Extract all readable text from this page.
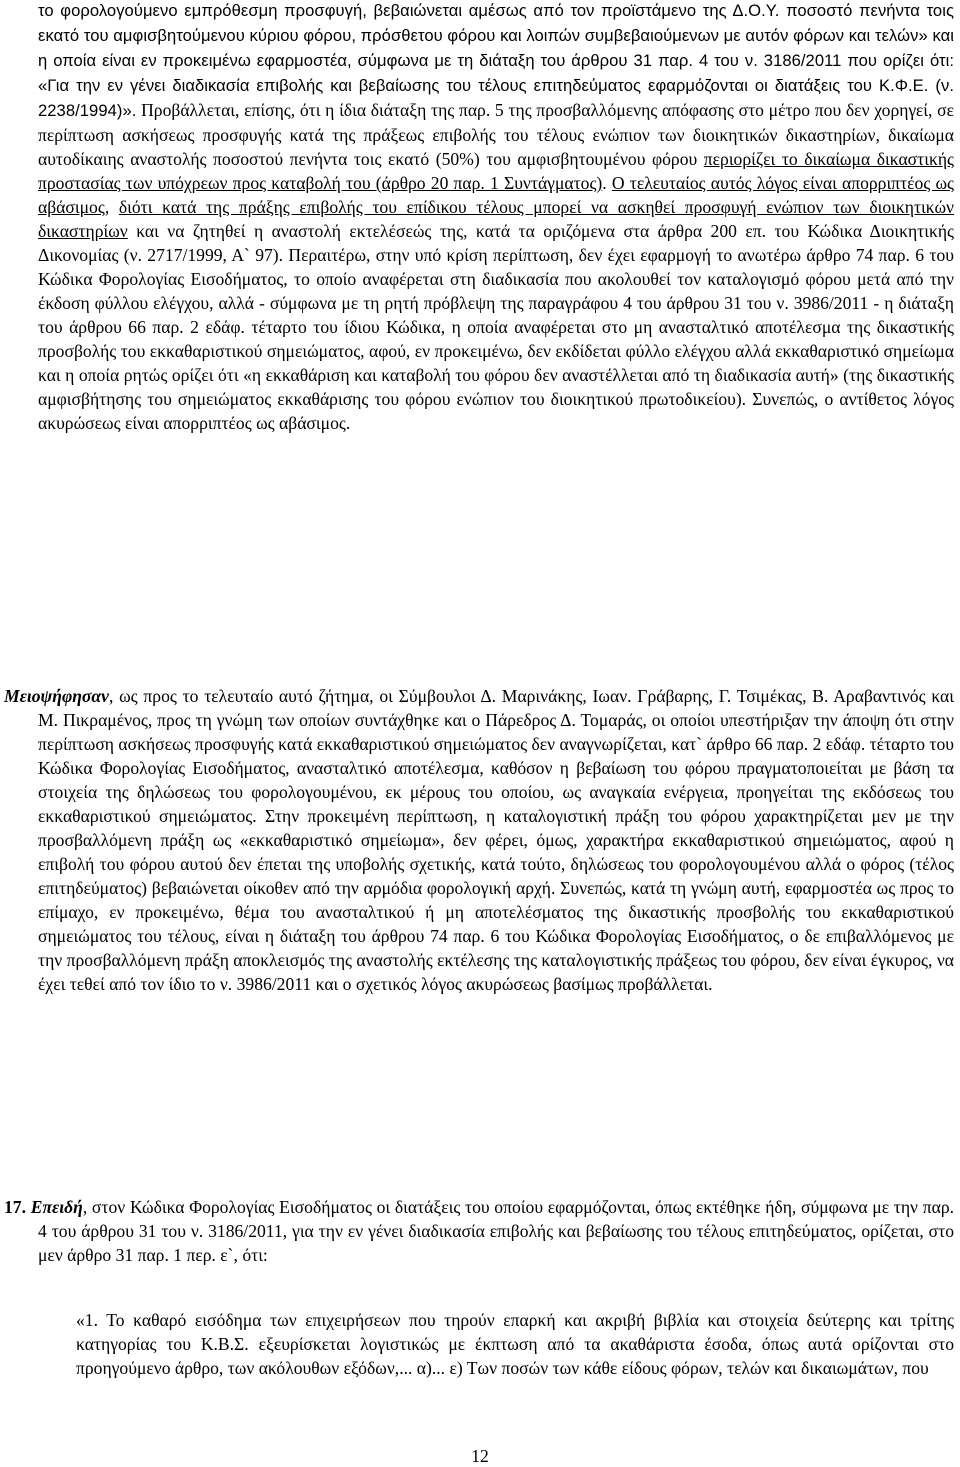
το φορολογούμενο εμπρόθεσμη προσφυγή, βεβαιώνεται αμέσως από τον προϊστάμενο της Δ.Ο.Υ. ποσοστό πενήντα τοις εκατό του αμφισβητούμενου κύριου φόρου, πρόσθετου φόρου και λοιπών συμβεβαιούμενων με αυτόν φόρων και τελών» και η οποία είναι εν προκειμένω εφαρμοστέα, σύμφωνα με τη διάταξη του άρθρου 31 παρ. 4 του ν. 3186/2011 που ορίζει ότι: «Για την εν γένει διαδικασία επιβολής και βεβαίωσης του τέλους επιτηδεύματος εφαρμόζονται οι διατάξεις του Κ.Φ.Ε. (ν. 2238/1994)». Προβάλλεται, επίσης, ότι η ίδια διάταξη της παρ. 5 της προσβαλλόμενης απόφασης στο μέτρο που δεν χορηγεί, σε περίπτωση ασκήσεως προσφυγής κατά της πράξεως επιβολής του τέλους ενώπιον των διοικητικών δικαστηρίων, δικαίωμα αυτοδίκαιης αναστολής ποσοστού πενήντα τοις εκατό (50%) του αμφισβητουμένου φόρου περιορίζει το δικαίωμα δικαστικής προστασίας των υπόχρεων προς καταβολή του (άρθρο 20 παρ. 1 Συντάγματος). Ο τελευταίος αυτός λόγος είναι απορριπτέος ως αβάσιμος, διότι κατά της πράξης επιβολής του επίδικου τέλους μπορεί να ασκηθεί προσφυγή ενώπιον των διοικητικών δικαστηρίων και να ζητηθεί η αναστολή εκτελέσεώς της, κατά τα οριζόμενα στα άρθρα 200 επ. του Κώδικα Διοικητικής Δικονομίας (ν. 2717/1999, Α` 97). Περαιτέρω, στην υπό κρίση περίπτωση, δεν έχει εφαρμογή το ανωτέρω άρθρο 74 παρ. 6 του Κώδικα Φορολογίας Εισοδήματος, το οποίο αναφέρεται στη διαδικασία που ακολουθεί τον καταλογισμό φόρου μετά από την έκδοση φύλλου ελέγχου, αλλά - σύμφωνα με τη ρητή πρόβλεψη της παραγράφου 4 του άρθρου 31 του ν. 3986/2011 - η διάταξη του άρθρου 66 παρ. 2 εδάφ. τέταρτο του ίδιου Κώδικα, η οποία αναφέρεται στο μη ανασταλτικό αποτέλεσμα της δικαστικής προσβολής του εκκαθαριστικού σημειώματος, αφού, εν προκειμένω, δεν εκδίδεται φύλλο ελέγχου αλλά εκκαθαριστικό σημείωμα και η οποία ρητώς ορίζει ότι «η εκκαθάριση και καταβολή του φόρου δεν αναστέλλεται από τη διαδικασία αυτή» (της δικαστικής αμφισβήτησης του σημειώματος εκκαθάρισης του φόρου ενώπιον του διοικητικού πρωτοδικείου). Συνεπώς, ο αντίθετος λόγος ακυρώσεως είναι απορριπτέος ως αβάσιμος.
Μειοψήφησαν, ως προς το τελευταίο αυτό ζήτημα, οι Σύμβουλοι Δ. Μαρινάκης, Ιωαν. Γράβαρης, Γ. Τσιμέκας, Β. Αραβαντινός και Μ. Πικραμένος, προς τη γνώμη των οποίων συντάχθηκε και ο Πάρεδρος Δ. Τομαράς, οι οποίοι υπεστήριξαν την άποψη ότι στην περίπτωση ασκήσεως προσφυγής κατά εκκαθαριστικού σημειώματος δεν αναγνωρίζεται, κατ` άρθρο 66 παρ. 2 εδάφ. τέταρτο του Κώδικα Φορολογίας Εισοδήματος, ανασταλτικό αποτέλεσμα, καθόσον η βεβαίωση του φόρου πραγματοποιείται με βάση τα στοιχεία της δηλώσεως του φορολογουμένου, εκ μέρους του οποίου, ως αναγκαία ενέργεια, προηγείται της εκδόσεως του εκκαθαριστικού σημειώματος. Στην προκειμένη περίπτωση, η καταλογιστική πράξη του φόρου χαρακτηρίζεται μεν με την προσβαλλόμενη πράξη ως «εκκαθαριστικό σημείωμα», δεν φέρει, όμως, χαρακτήρα εκκαθαριστικού σημειώματος, αφού η επιβολή του φόρου αυτού δεν έπεται της υποβολής σχετικής, κατά τούτο, δηλώσεως του φορολογουμένου αλλά ο φόρος (τέλος επιτηδεύματος) βεβαιώνεται οίκοθεν από την αρμόδια φορολογική αρχή. Συνεπώς, κατά τη γνώμη αυτή, εφαρμοστέα ως προς το επίμαχο, εν προκειμένω, θέμα του ανασταλτικού ή μη αποτελέσματος της δικαστικής προσβολής του εκκαθαριστικού σημειώματος του τέλους, είναι η διάταξη του άρθρου 74 παρ. 6 του Κώδικα Φορολογίας Εισοδήματος, ο δε επιβαλλόμενος με την προσβαλλόμενη πράξη αποκλεισμός της αναστολής εκτέλεσης της καταλογιστικής πράξεως του φόρου, δεν είναι έγκυρος, να έχει τεθεί από τον ίδιο το ν. 3986/2011 και ο σχετικός λόγος ακυρώσεως βασίμως προβάλλεται.
17. Επειδή, στον Κώδικα Φορολογίας Εισοδήματος οι διατάξεις του οποίου εφαρμόζονται, όπως εκτέθηκε ήδη, σύμφωνα με την παρ. 4 του άρθρου 31 του ν. 3186/2011, για την εν γένει διαδικασία επιβολής και βεβαίωσης του τέλους επιτηδεύματος, ορίζεται, στο μεν άρθρο 31 παρ. 1 περ. ε`, ότι:
«1. Το καθαρό εισόδημα των επιχειρήσεων που τηρούν επαρκή και ακριβή βιβλία και στοιχεία δεύτερης και τρίτης κατηγορίας του Κ.Β.Σ. εξευρίσκεται λογιστικώς με έκπτωση από τα ακαθάριστα έσοδα, όπως αυτά ορίζονται στο προηγούμενο άρθρο, των ακόλουθων εξόδων,... α)... ε) Των ποσών των κάθε είδους φόρων, τελών και δικαιωμάτων, που
12
